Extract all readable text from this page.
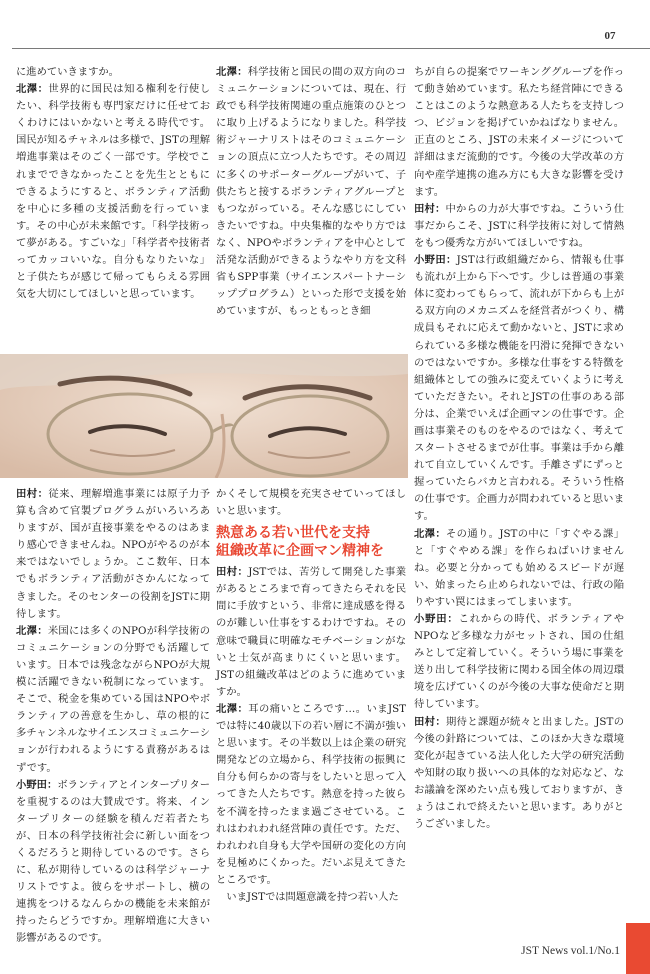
07

に進めていきますか。

北澤：世界的に国民は知る権利を行使したい、科学技術も専門家だけに任せておくわけにはいかないと考える時代です。国民が知るチャネルは多様で、JSTの理解増進事業はそのごく一部です。学校でこれまでできなかったことを先生とともにできるようにすると、ボランティア活動を中心に多種の支援活動を行っています。その中心が未来館です。「科学技術って夢がある。すごいな」「科学者や技術者ってカッコいいな。自分もなりたいな」と子供たちが感じて帰ってもらえる雰囲気を大切にしてほしいと思っています。

北澤：科学技術と国民の間の双方向のコミュニケーションについては、現在、行政でも科学技術関連の重点施策のひとつに取り上げるようになりました。科学技術ジャーナリストはそのコミュニケーションの頂点に立つ人たちです。その周辺に多くのサポーターグループがいて、子供たちと接するボランティアグループともつながっている。そんな感じにしていきたいですね。中央集権的なやり方ではなく、NPOやボランティアを中心として活発な活動ができるようなやり方を文科省もSPP事業（サイエンスパートナーシッププログラム）といった形で支援を始めていますが、もっともっとき細

ちが自らの提案でワーキンググループを作って動き始めています。私たち経営陣にできることはこのような熱意ある人たちを支持しつつ、ビジョンを掲げていかねばなりません。正直のところ、JSTの未来イメージについて詳細はまだ流動的です。今後の大学改革の方向や産学連携の進み方にも大きな影響を受けます。

田村：中からの力が大事ですね。こういう仕事だからこそ、JSTに科学技術に対して情熱をもつ優秀な方がいてほしいですね。

小野田：JSTは行政組織だから、情報も仕事も流れが上から下へです。少しは普通の事業体に変わってもらって、流れが下からも上がる双方向のメカニズムを経営者がつくり、構成員もそれに応えて動かないと、JSTに求められている多様な機能を円滑に発揮できないのではないですか。多様な仕事をする特徴を組織体としての強みに変えていくように考えていただきたい。それとJSTの仕事のある部分は、企業でいえば企画マンの仕事です。企画は事業そのものをやるのではなく、考えてスタートさせるまでが仕事。事業は手から離れて自立していくんです。手離さずにずっと握っていたらバカと言われる。そういう性格の仕事です。企画力が問われていると思います。

北澤：その通り。JSTの中に「すぐやる課」と「すぐやめる課」を作らねばいけませんね。必要と分かっても始めるスピードが遅い、始まったら止められないでは、行政の陥りやすい罠にはまってしまいます。

小野田：これからの時代、ボランティアやNPOなど多様な力がセットされ、国の仕組みとして定着していく。そういう場に事業を送り出して科学技術に関わる国全体の周辺環境を広げていくのが今後の大事な使命だと期待しています。

田村：期待と課題が続々と出ました。JSTの今後の針路については、このほか大きな環境変化が起きている法人化した大学の研究活動や知財の取り扱いへの具体的な対応など、なお議論を深めたい点も残しておりますが、きょうはこれで終えたいと思います。ありがとうございました。

田村：従来、理解増進事業には原子力予算も含めて官製プログラムがいろいろありますが、国が直接事業をやるのはあまり感心できませんね。NPOがやるのが本来ではないでしょうか。ここ数年、日本でもボランティア活動がさかんになってきました。そのセンターの役割をJSTに期待します。

北澤：米国には多くのNPOが科学技術のコミュニケーションの分野でも活躍しています。日本では残念ながらNPOが大規模に活躍できない税制になっています。そこで、税金を集めている国はNPOやボランティアの善意を生かし、草の根的に多チャンネルなサイエンスコミュニケーションが行われるようにする責務があるはずです。

小野田：ボランティアとインタープリターを重視するのは大賛成です。将来、インタープリターの経験を積んだ若者たちが、日本の科学技術社会に新しい面をつくるだろうと期待しているのです。さらに、私が期待しているのは科学ジャーナリストですよ。彼らをサポートし、横の連携をつけるなんらかの機能を未来館が持ったらどうですか。理解増進に大きい影響があるのです。

かくそして規模を充実させていってほしいと思います。

熱意ある若い世代を支持
組織改革に企画マン精神を

田村：JSTでは、苦労して開発した事業があるところまで育ってきたらそれを民間に手放すという、非常に達成感を得るのが難しい仕事をするわけですね。その意味で職員に明確なモチベーションがないと士気が高まりにくいと思います。JSTの組織改革はどのように進めていますか。

北澤：耳の痛いところです…。いまJSTでは特に40歳以下の若い層に不満が強いと思います。その半数以上は企業の研究開発などの立場から、科学技術の振興に自分も何らかの寄与をしたいと思って入ってきた人たちです。熱意を持った彼らを不満を持ったまま過ごさせている。これはわれわれ経営陣の責任です。ただ、われわれ自身も大学や国研の変化の方向を見極めにくかった。だいぶ見えてきたところです。

いまJSTでは問題意識を持つ若い人た

JST News vol.1/No.1
